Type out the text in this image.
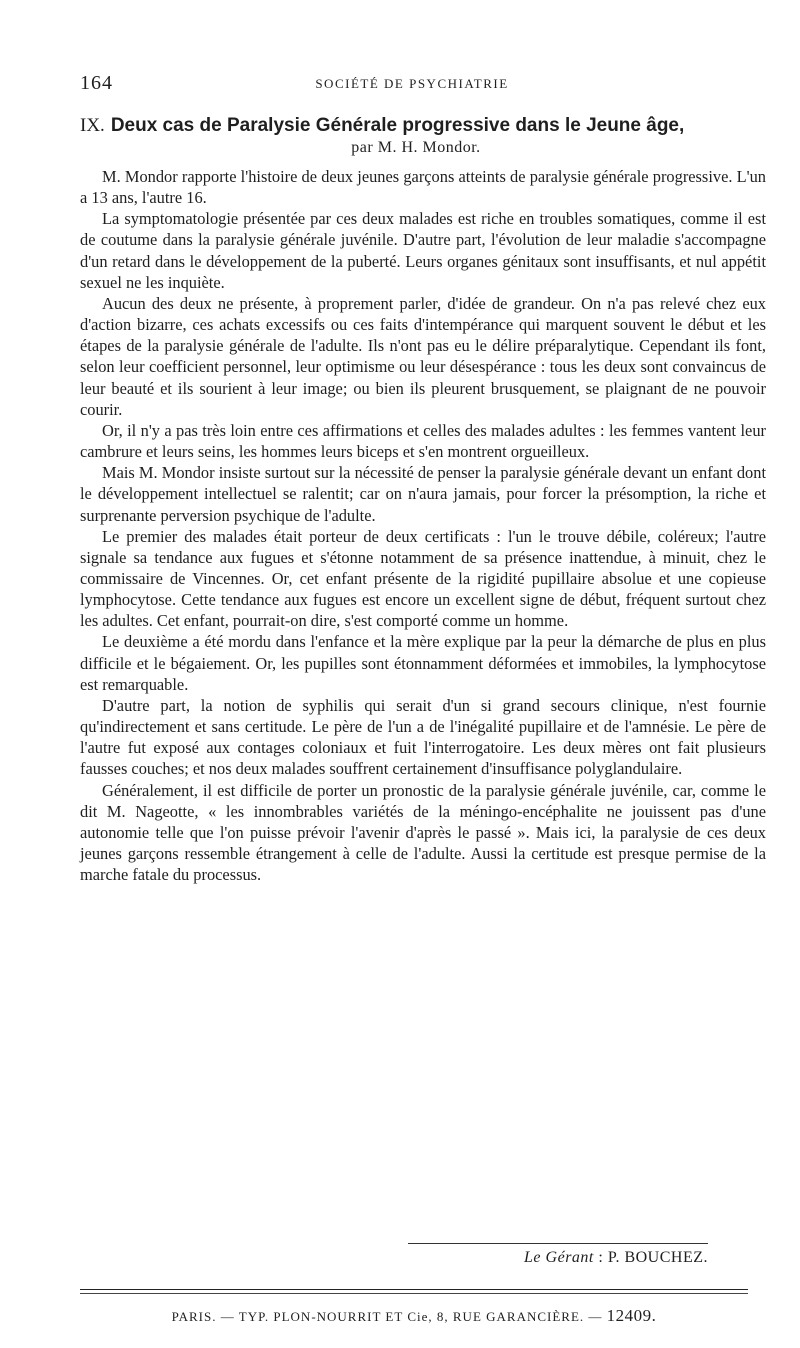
164	SOCIÉTÉ DE PSYCHIATRIE
IX. Deux cas de Paralysie Générale progressive dans le Jeune âge,
par M. H. Mondor.

M. Mondor rapporte l'histoire de deux jeunes garçons atteints de paralysie générale progressive. L'un a 13 ans, l'autre 16.

La symptomatologie présentée par ces deux malades est riche en troubles somatiques, comme il est de coutume dans la paralysie générale juvénile. D'autre part, l'évolution de leur maladie s'accompagne d'un retard dans le développement de la puberté. Leurs organes génitaux sont insuffisants, et nul appétit sexuel ne les inquiète.

Aucun des deux ne présente, à proprement parler, d'idée de grandeur. On n'a pas relevé chez eux d'action bizarre, ces achats excessifs ou ces faits d'intempérance qui marquent souvent le début et les étapes de la paralysie générale de l'adulte. Ils n'ont pas eu le délire préparalytique. Cependant ils font, selon leur coefficient personnel, leur optimisme ou leur désespérance : tous les deux sont convaincus de leur beauté et ils sourient à leur image; ou bien ils pleurent brusquement, se plaignant de ne pouvoir courir.

Or, il n'y a pas très loin entre ces affirmations et celles des malades adultes : les femmes vantent leur cambrure et leurs seins, les hommes leurs biceps et s'en montrent orgueilleux.

Mais M. Mondor insiste surtout sur la nécessité de penser la paralysie générale devant un enfant dont le développement intellectuel se ralentit; car on n'aura jamais, pour forcer la présomption, la riche et surprenante perversion psychique de l'adulte.

Le premier des malades était porteur de deux certificats : l'un le trouve débile, coléreux; l'autre signale sa tendance aux fugues et s'étonne notamment de sa présence inattendue, à minuit, chez le commissaire de Vincennes. Or, cet enfant présente de la rigidité pupillaire absolue et une copieuse lymphocytose. Cette tendance aux fugues est encore un excellent signe de début, fréquent surtout chez les adultes. Cet enfant, pourrait-on dire, s'est comporté comme un homme.

Le deuxième a été mordu dans l'enfance et la mère explique par la peur la démarche de plus en plus difficile et le bégaiement. Or, les pupilles sont étonnamment déformées et immobiles, la lymphocytose est remarquable.

D'autre part, la notion de syphilis qui serait d'un si grand secours clinique, n'est fournie qu'indirectement et sans certitude. Le père de l'un a de l'inégalité pupillaire et de l'amnésie. Le père de l'autre fut exposé aux contages coloniaux et fuit l'interrogatoire. Les deux mères ont fait plusieurs fausses couches; et nos deux malades souffrent certainement d'insuffisance polyglandulaire.

Généralement, il est difficile de porter un pronostic de la paralysie générale juvénile, car, comme le dit M. Nageotte, « les innombrables variétés de la méningo-encéphalite ne jouissent pas d'une autonomie telle que l'on puisse prévoir l'avenir d'après le passé ». Mais ici, la paralysie de ces deux jeunes garçons ressemble étrangement à celle de l'adulte. Aussi la certitude est presque permise de la marche fatale du processus.

Le Gérant : P. BOUCHEZ.
PARIS. — TYP. PLON-NOURRIT ET Cie, 8, RUE GARANCIÈRE. — 12409.
